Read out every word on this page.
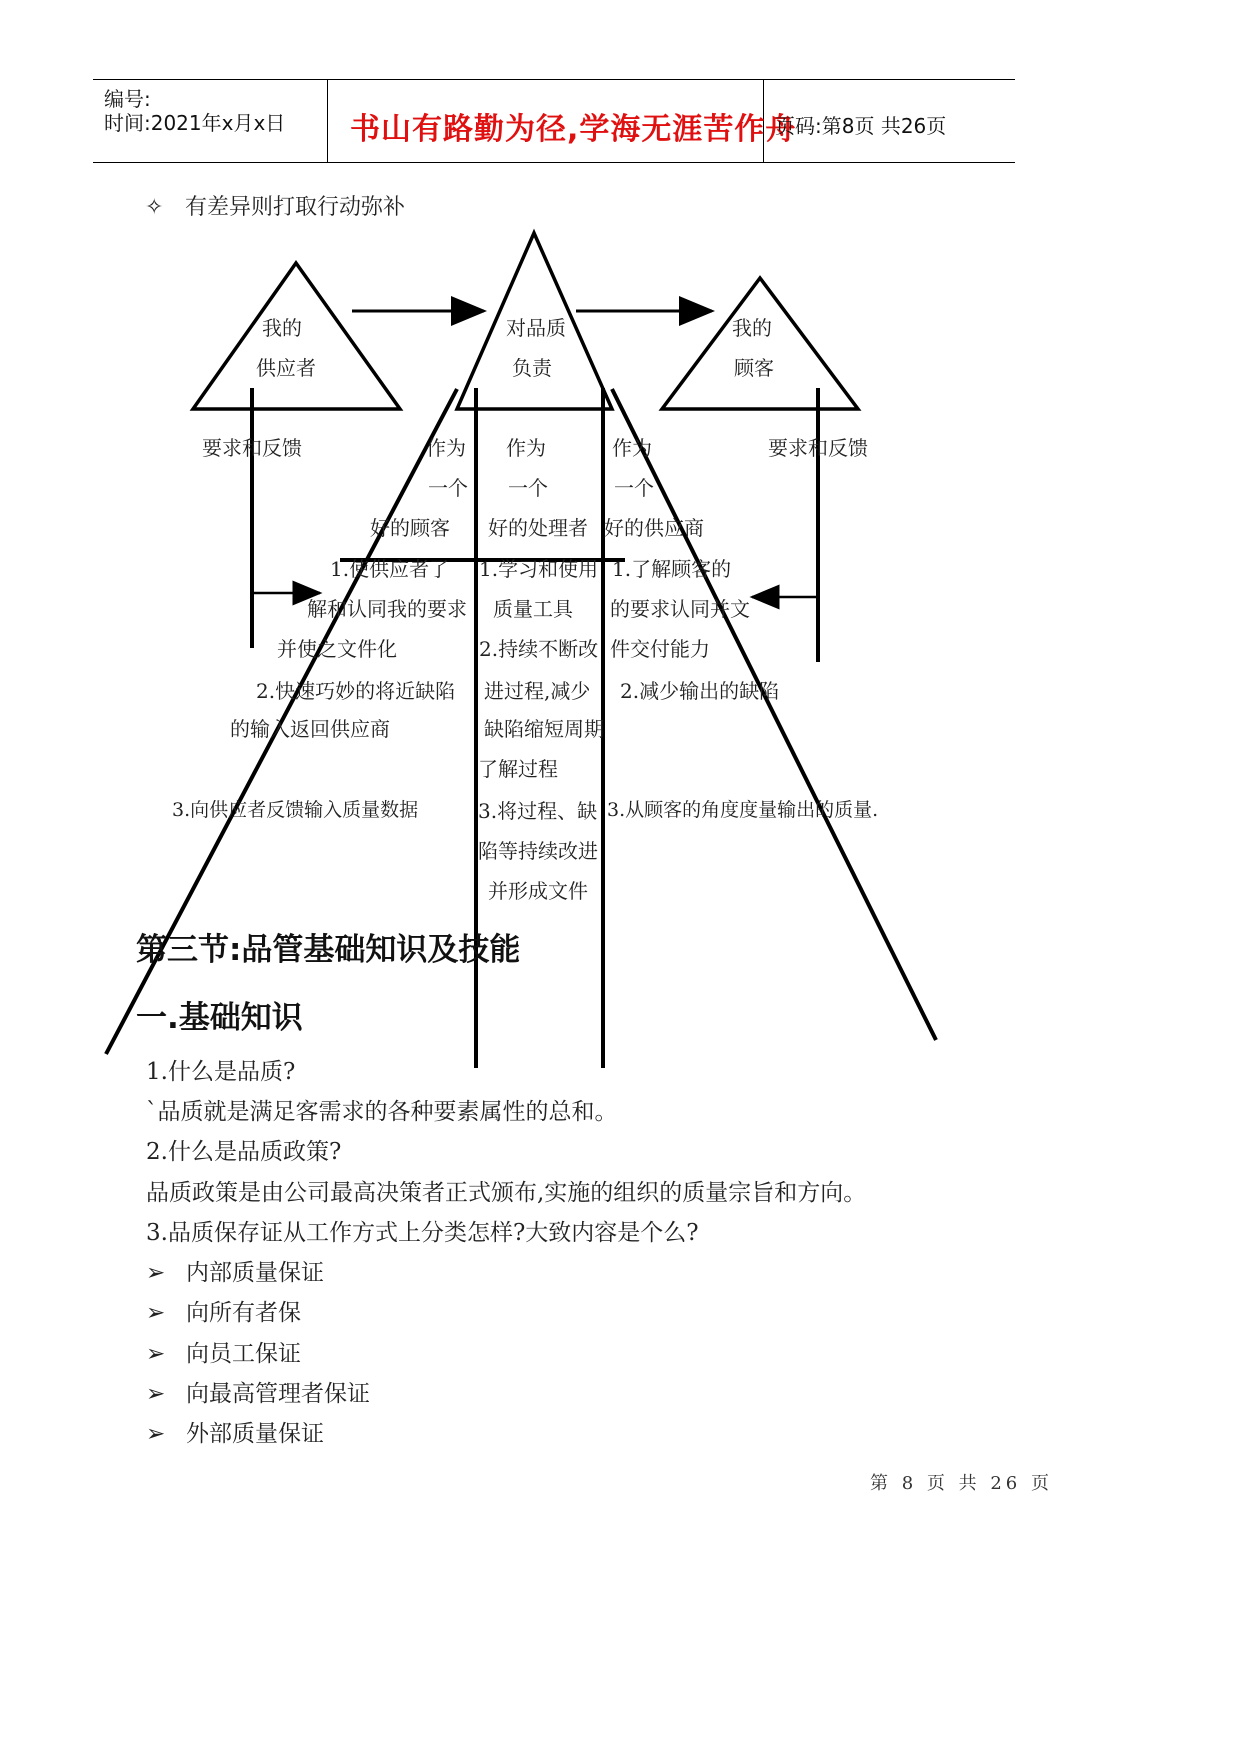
编号:
时间:2021年x月x日 书山有路勤为径,学海无涯苦作舟
页码:第8页 共26页
✧ 有差异则打取行动弥补
我的
供应者
对品质
负责
我的
顾客
要求和反馈	要求和反馈
作为
一个
好的顾客
作为
一个
好的处理者
作为
一个
好的供应商
1.使供应者了
解和认同我的要求
并使之文件化
2.快速巧妙的将近缺陷
的输入返回供应商
3.向供应者反馈输入质量数据
1.学习和使用
质量工具
2.持续不断改
进过程,减少
缺陷缩短周期
了解过程
3.将过程、缺
陷等持续改进
并形成文件
1.了解顾客的
的要求认同并文
件交付能力
2.减少输出的缺陷
3.从顾客的角度度量输出的质量.
第三节:品管基础知识及技能
一.基础知识
1.什么是品质?
`品质就是满足客需求的各种要素属性的总和。
2.什么是品质政策?
品质政策是由公司最高决策者正式颁布,实施的组织的质量宗旨和方向。
3.品质保存证从工作方式上分类怎样?大致内容是个么?
➢ 内部质量保证
➢ 向所有者保
➢ 向员工保证
➢ 向最高管理者保证
➢ 外部质量保证
第 8 页 共 26 页
